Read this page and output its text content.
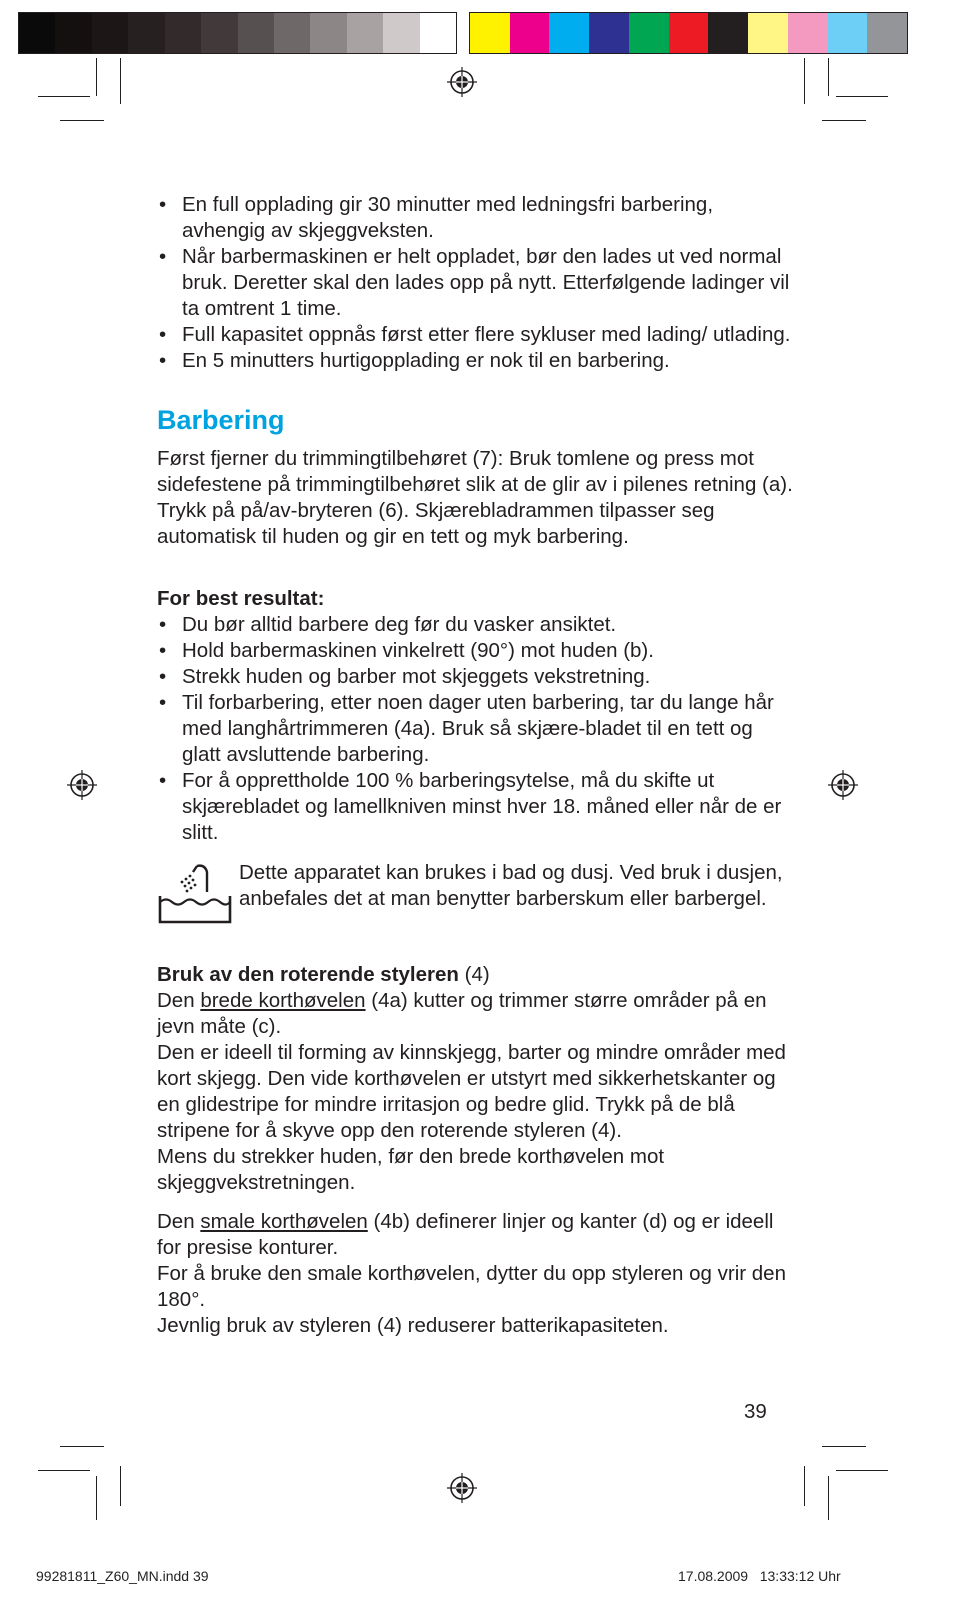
• En full opplading gir 30 minutter med ledningsfri barbering, avhengig av skjeggveksten.
• Når barbermaskinen er helt oppladet, bør den lades ut ved normal bruk. Deretter skal den lades opp på nytt. Etterfølgende ladinger vil ta omtrent 1 time.
• Full kapasitet oppnås først etter flere sykluser med lading/ utlading.
• En 5 minutters hurtigopplading er nok til en barbering.
Barbering

Først fjerner du trimmingtilbehøret (7): Bruk tomlene og press mot sidefestene på trimmingtilbehøret slik at de glir av i pilenes retning (a). Trykk på på/av-bryteren (6). Skjærebladrammen tilpasser seg automatisk til huden og gir en tett og myk barbering.

For best resultat:

• Du bør alltid barbere deg før du vasker ansiktet.
• Hold barbermaskinen vinkelrett (90°) mot huden (b).
• Strekk huden og barber mot skjeggets vekstretning.
• Til forbarbering, etter noen dager uten barbering, tar du lange hår med langhårtrimmeren (4a). Bruk så skjære-bladet til en tett og glatt avsluttende barbering.
• For å opprettholde 100 % barberingsytelse, må du skifte ut skjærebladet og lamellkniven minst hver 18. måned eller når de er slitt.

Dette apparatet kan brukes i bad og dusj. Ved bruk i dusjen, anbefales det at man benytter barberskum eller barbergel.

Bruk av den roterende styleren (4)

Den brede korthøvelen (4a) kutter og trimmer større områder på en jevn måte (c).

Den er ideell til forming av kinnskjegg, barter og mindre områder med kort skjegg. Den vide korthøvelen er utstyrt med sikkerhetskanter og en glidestripe for mindre irritasjon og bedre glid. Trykk på de blå stripene for å skyve opp den roterende styleren (4).

Mens du strekker huden, før den brede korthøvelen mot skjeggvekstretningen.

Den smale korthøvelen (4b) definerer linjer og kanter (d) og er ideell for presise konturer.

For å bruke den smale korthøvelen, dytter du opp styleren og vrir den 180°.

Jevnlig bruk av styleren (4) reduserer batterikapasiteten.

39
99281811_Z60_MN.indd 39	17.08.2009   13:33:12 Uhr
